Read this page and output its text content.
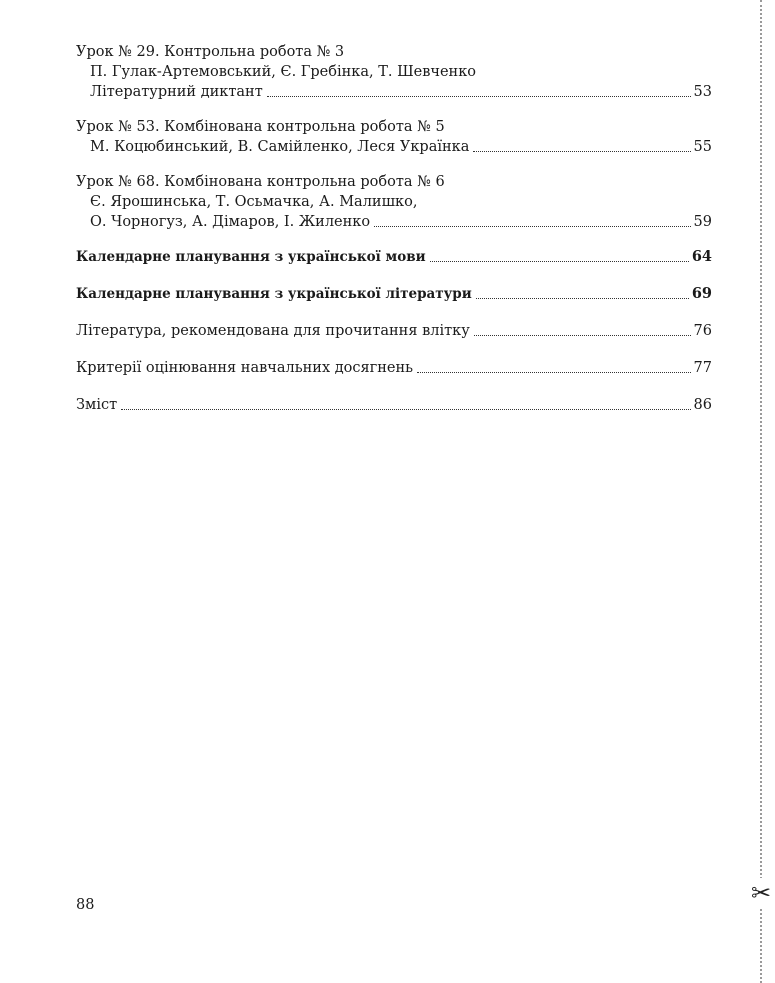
✂
Урок № 29. Контрольна робота № 3
П. Гулак-Артемовський, Є. Гребінка, Т. Шевченко
Літературний диктант	53
Урок № 53. Комбінована контрольна робота № 5
М. Коцюбинський, В. Самійленко, Леся Українка	55
Урок № 68. Комбінована контрольна робота № 6
Є. Ярошинська, Т. Осьмачка, А. Малишко,
О. Чорногуз, А. Дімаров, І. Жиленко	59
Календарне планування з української мови	64
Календарне планування з української літератури	69
Література, рекомендована для прочитання влітку	76
Критерії оцінювання навчальних досягнень	77
Зміст	86
88
